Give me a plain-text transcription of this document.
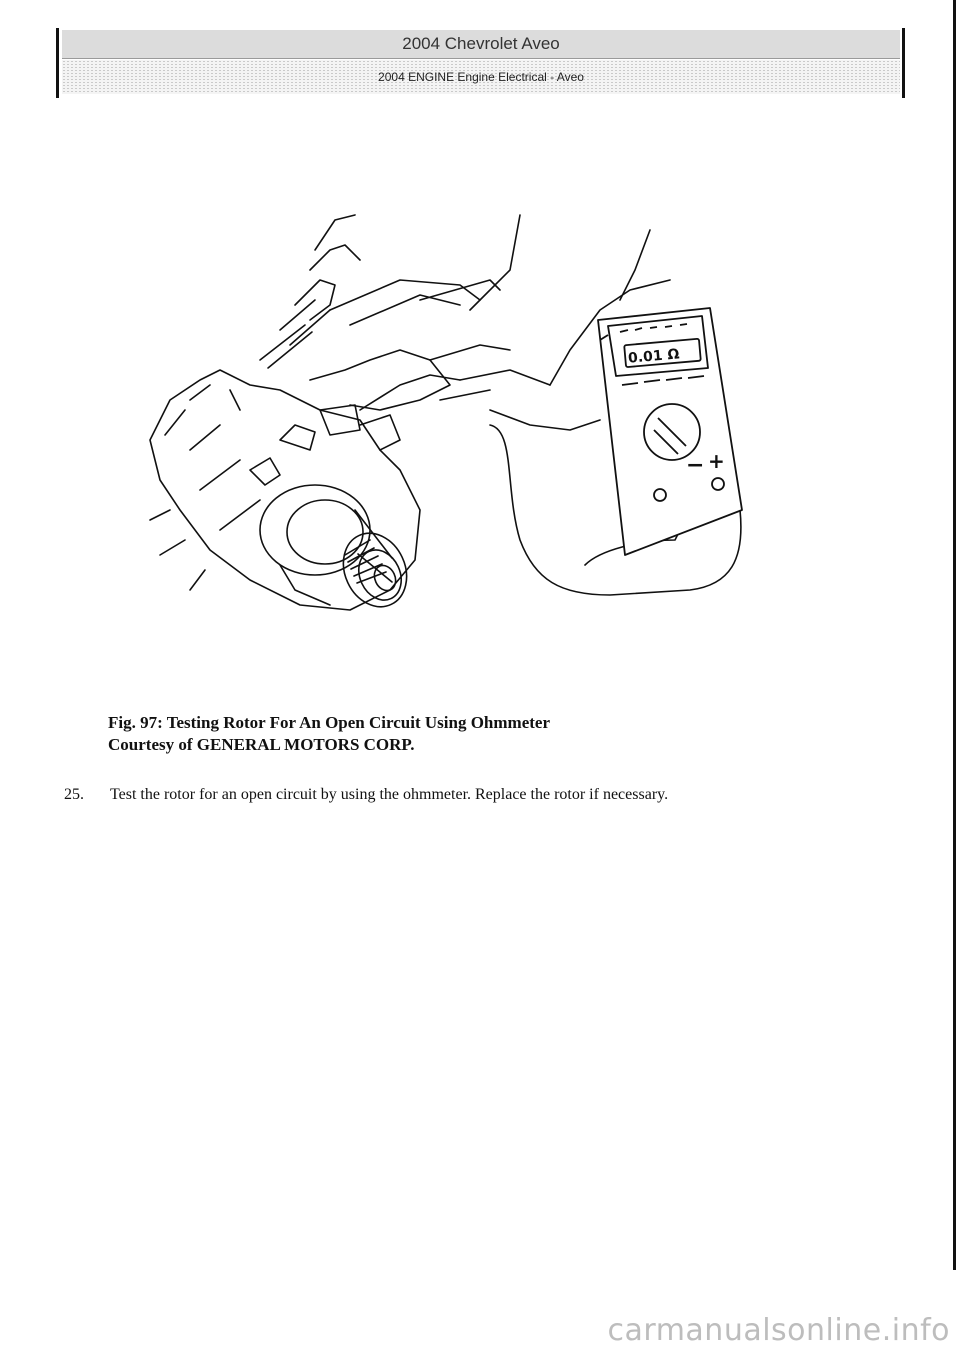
2004 Chevrolet Aveo
2004 ENGINE Engine Electrical - Aveo
0.01 Ω
− +
Fig. 97: Testing Rotor For An Open Circuit Using Ohmmeter
Courtesy of GENERAL MOTORS CORP.
25. Test the rotor for an open circuit by using the ohmmeter. Replace the rotor if necessary.
carmanualsonline.info
